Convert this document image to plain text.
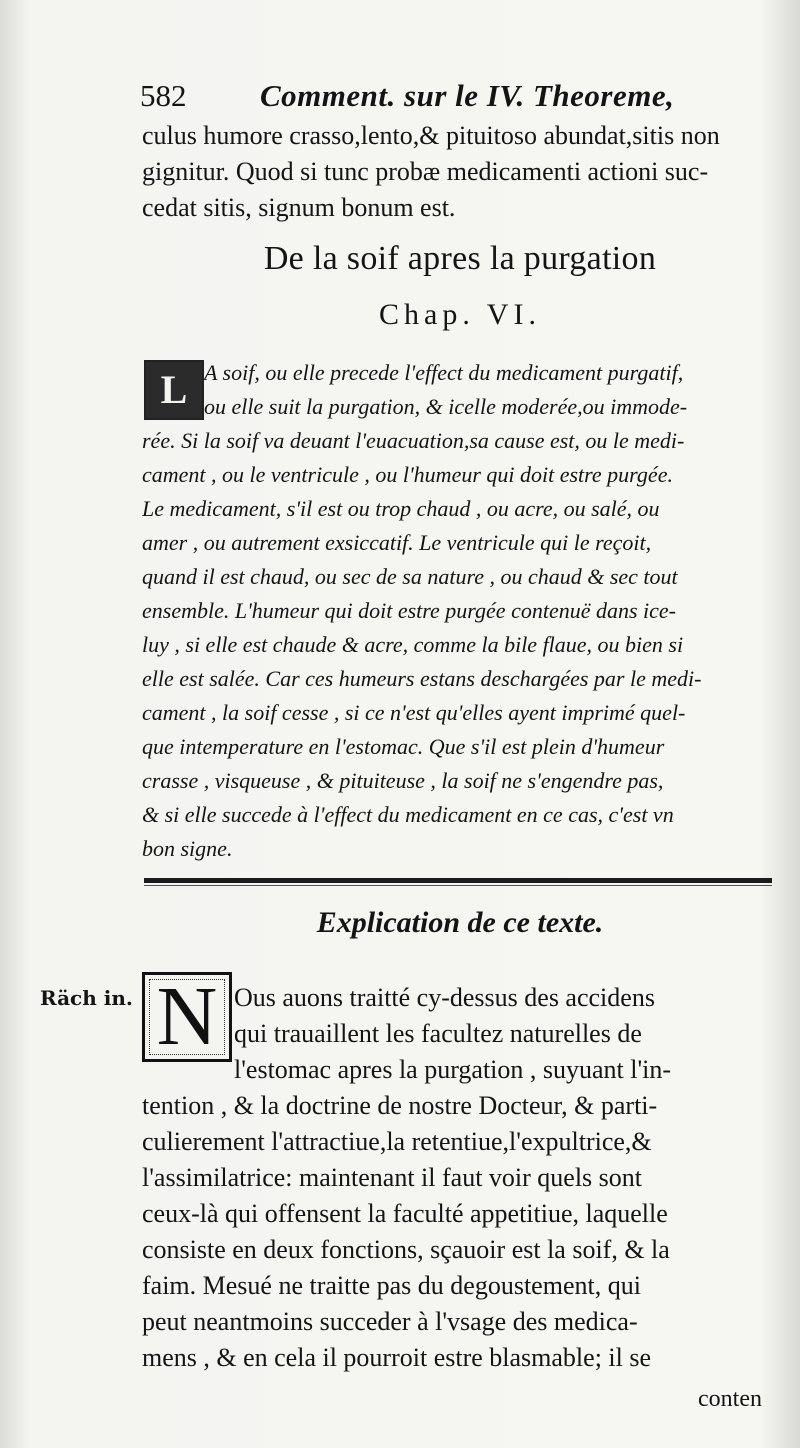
582	Comment. sur le IV. Theoreme,
culus humore crasso,lento,& pituitoso abundat,sitis non
gignitur. Quod si tunc probæ medicamenti actioni suc-
cedat sitis, signum bonum est.
De la soif apres la purgation
Chap. VI.
A soif, ou elle precede l'effect du medicament purgatif,
ou elle suit la purgation, & icelle moderée,ou immode-
rée. Si la soif va deuant l'euacuation,sa cause est, ou le medi-
cament , ou le ventricule , ou l'humeur qui doit estre purgée.
Le medicament, s'il est ou trop chaud , ou acre, ou salé, ou
amer , ou autrement exsiccatif. Le ventricule qui le reçoit,
quand il est chaud, ou sec de sa nature , ou chaud & sec tout
ensemble. L'humeur qui doit estre purgée contenuë dans ice-
luy , si elle est chaude & acre, comme la bile flaue, ou bien si
elle est salée. Car ces humeurs estans deschargées par le medi-
cament , la soif cesse , si ce n'est qu'elles ayent imprimé quel-
que intemperature en l'estomac. Que s'il est plein d'humeur
crasse , visqueuse , & pituiteuse , la soif ne s'engendre pas,
& si elle succede à l'effect du medicament en ce cas, c'est vn
bon signe.
L
Explication de ce texte.
Räch in. N Ous auons traitté cy-dessus des accidens
qui trauaillent les facultez naturelles de
l'estomac apres la purgation , suyuant l'in-
tention , & la doctrine de nostre Docteur, & parti-
culierement l'attractiue,la retentiue,l'expultrice,&
l'assimilatrice: maintenant il faut voir quels sont
ceux-là qui offensent la faculté appetitiue, laquelle
consiste en deux fonctions, sçauoir est la soif, & la
faim. Mesué ne traitte pas du degoustement, qui
peut neantmoins succeder à l'vsage des medica-
mens , & en cela il pourroit estre blasmable; il se
conten
